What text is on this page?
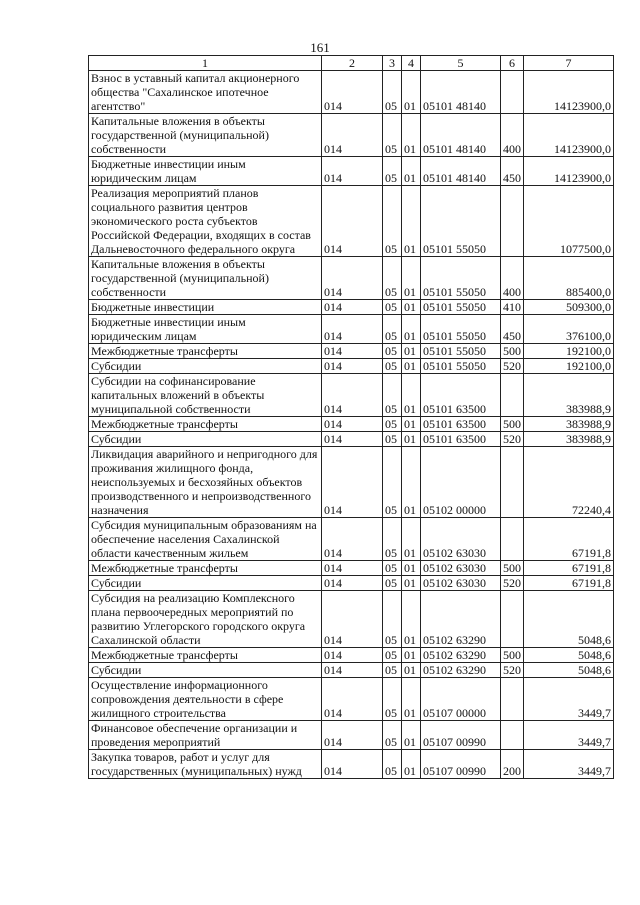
161
1	2	3	4	5	6	7
Взнос в уставный капитал акционерного общества "Сахалинское ипотечное агентство"	014	05	01	05101 48140		14123900,0
Капитальные вложения в объекты государственной (муниципальной) собственности	014	05	01	05101 48140	400	14123900,0
Бюджетные инвестиции иным юридическим лицам	014	05	01	05101 48140	450	14123900,0
Реализация мероприятий планов социального развития центров экономического роста субъектов Российской Федерации, входящих в состав Дальневосточного федерального округа	014	05	01	05101 55050		1077500,0
Капитальные вложения в объекты государственной (муниципальной) собственности	014	05	01	05101 55050	400	885400,0
Бюджетные инвестиции	014	05	01	05101 55050	410	509300,0
Бюджетные инвестиции иным юридическим лицам	014	05	01	05101 55050	450	376100,0
Межбюджетные трансферты	014	05	01	05101 55050	500	192100,0
Субсидии	014	05	01	05101 55050	520	192100,0
Субсидии на софинансирование капитальных вложений в объекты муниципальной собственности	014	05	01	05101 63500		383988,9
Межбюджетные трансферты	014	05	01	05101 63500	500	383988,9
Субсидии	014	05	01	05101 63500	520	383988,9
Ликвидация аварийного и непригодного для проживания жилищного фонда, неиспользуемых и бесхозяйных объектов производственного и непроизводственного назначения	014	05	01	05102 00000		72240,4
Субсидия муниципальным образованиям на обеспечение населения Сахалинской области качественным жильем	014	05	01	05102 63030		67191,8
Межбюджетные трансферты	014	05	01	05102 63030	500	67191,8
Субсидии	014	05	01	05102 63030	520	67191,8
Субсидия на реализацию Комплексного плана первоочередных мероприятий по развитию Углегорского городского округа Сахалинской области	014	05	01	05102 63290		5048,6
Межбюджетные трансферты	014	05	01	05102 63290	500	5048,6
Субсидии	014	05	01	05102 63290	520	5048,6
Осуществление информационного сопровождения деятельности в сфере жилищного строительства	014	05	01	05107 00000		3449,7
Финансовое обеспечение организации и проведения мероприятий	014	05	01	05107 00990		3449,7
Закупка товаров, работ и услуг для государственных (муниципальных) нужд	014	05	01	05107 00990	200	3449,7
